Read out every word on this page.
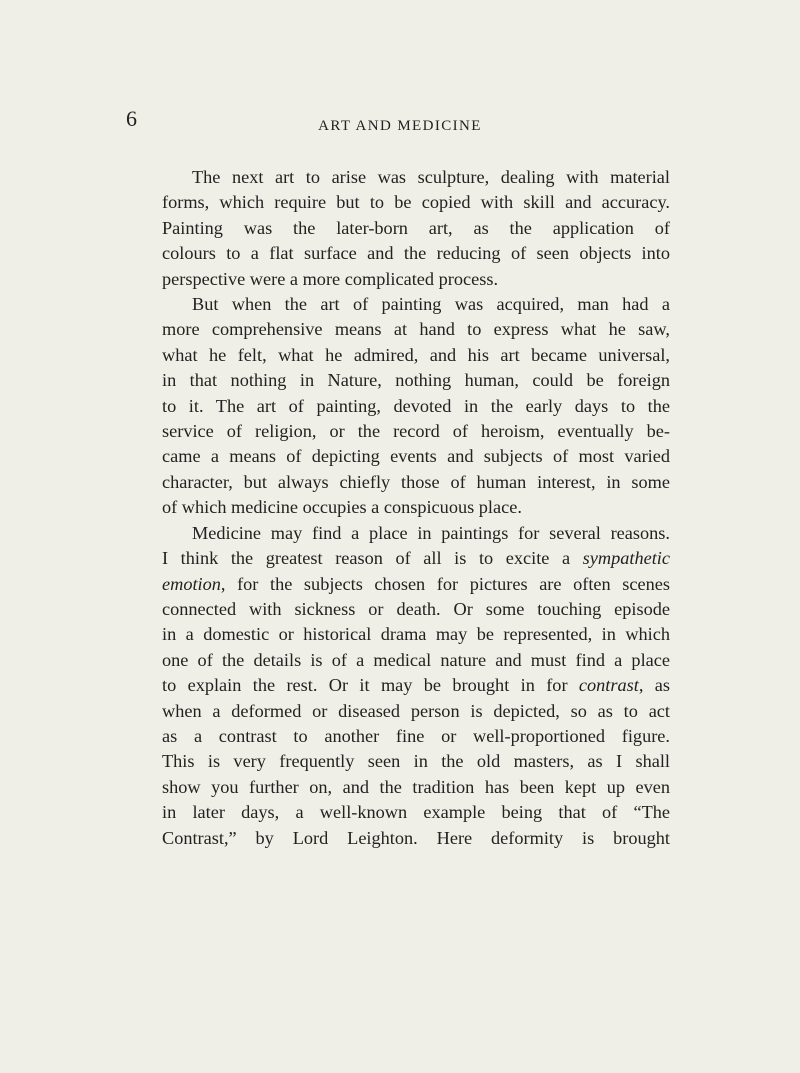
6	ART AND MEDICINE

The next art to arise was sculpture, dealing with material
forms, which require but to be copied with skill and accuracy.
Painting was the later-born art, as the application of
colours to a flat surface and the reducing of seen objects into
perspective were a more complicated process.

But when the art of painting was acquired, man had a
more comprehensive means at hand to express what he saw,
what he felt, what he admired, and his art became universal,
in that nothing in Nature, nothing human, could be foreign
to it. The art of painting, devoted in the early days to the
service of religion, or the record of heroism, eventually be-
came a means of depicting events and subjects of most varied
character, but always chiefly those of human interest, in some
of which medicine occupies a conspicuous place.

Medicine may find a place in paintings for several reasons.
I think the greatest reason of all is to excite a sympathetic
emotion, for the subjects chosen for pictures are often scenes
connected with sickness or death. Or some touching episode
in a domestic or historical drama may be represented, in which
one of the details is of a medical nature and must find a place
to explain the rest. Or it may be brought in for contrast, as
when a deformed or diseased person is depicted, so as to act
as a contrast to another fine or well-proportioned figure.
This is very frequently seen in the old masters, as I shall
show you further on, and the tradition has been kept up even
in later days, a well-known example being that of “The
Contrast,” by Lord Leighton. Here deformity is brought
